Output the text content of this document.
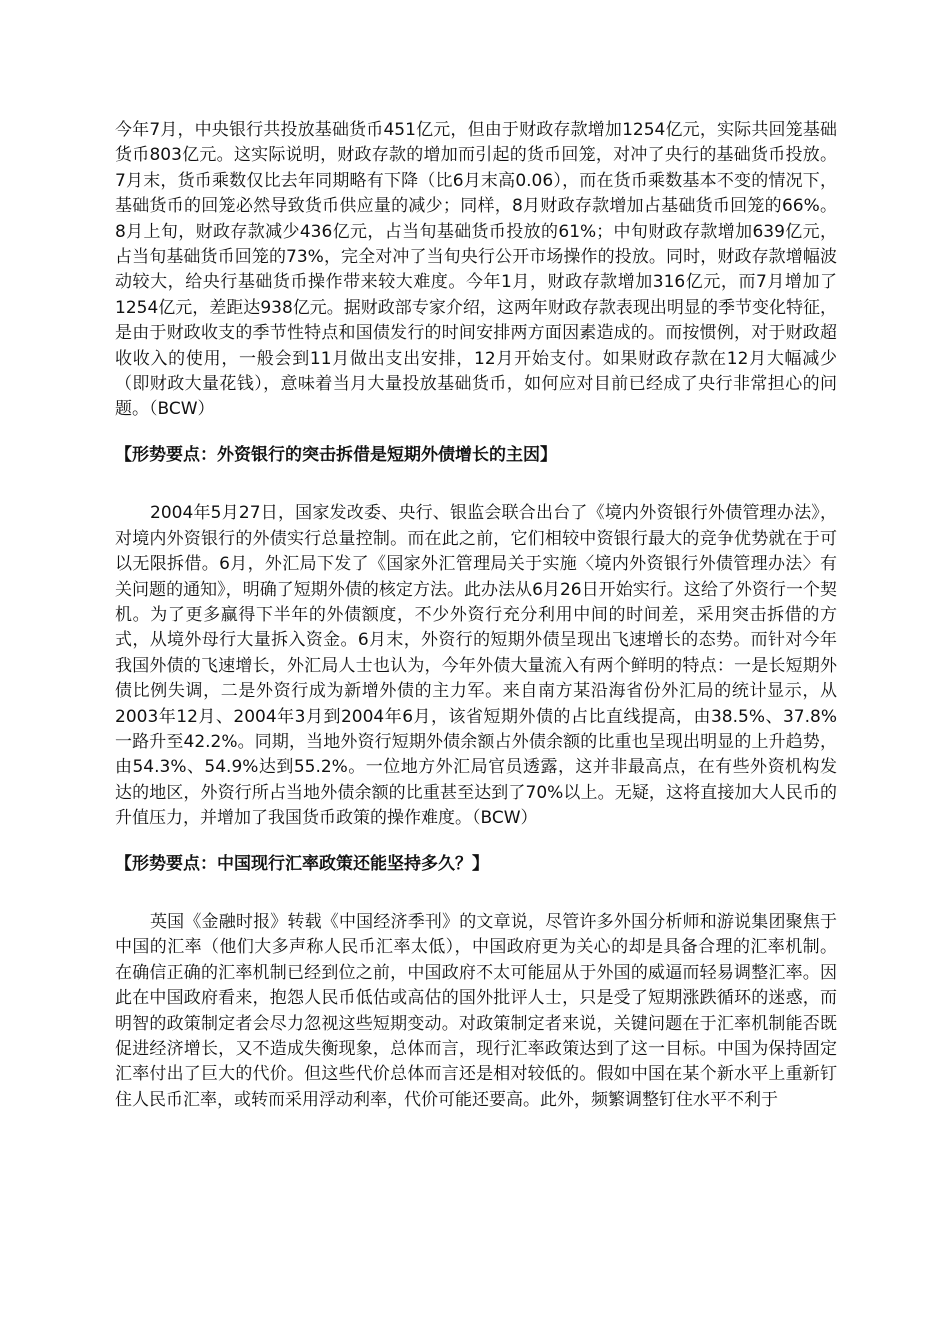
今年7月，中央银行共投放基础货币451亿元，但由于财政存款增加1254亿元，实际共回笼基础货币803亿元。这实际说明，财政存款的增加而引起的货币回笼，对冲了央行的基础货币投放。7月末，货币乘数仅比去年同期略有下降（比6月末高0.06），而在货币乘数基本不变的情况下，基础货币的回笼必然导致货币供应量的减少；同样，8月财政存款增加占基础货币回笼的66%。8月上旬，财政存款减少436亿元，占当旬基础货币投放的61%；中旬财政存款增加639亿元，占当旬基础货币回笼的73%，完全对冲了当旬央行公开市场操作的投放。同时，财政存款增幅波动较大，给央行基础货币操作带来较大难度。今年1月，财政存款增加316亿元，而7月增加了1254亿元，差距达938亿元。据财政部专家介绍，这两年财政存款表现出明显的季节变化特征，是由于财政收支的季节性特点和国债发行的时间安排两方面因素造成的。而按惯例，对于财政超收收入的使用，一般会到11月做出支出安排，12月开始支付。如果财政存款在12月大幅减少（即财政大量花钱），意味着当月大量投放基础货币，如何应对目前已经成了央行非常担心的问题。（BCW）

【形势要点：外资银行的突击拆借是短期外债增长的主因】

2004年5月27日，国家发改委、央行、银监会联合出台了《境内外资银行外债管理办法》，对境内外资银行的外债实行总量控制。而在此之前，它们相较中资银行最大的竞争优势就在于可以无限拆借。6月，外汇局下发了《国家外汇管理局关于实施〈境内外资银行外债管理办法〉有关问题的通知》，明确了短期外债的核定方法。此办法从6月26日开始实行。这给了外资行一个契机。为了更多赢得下半年的外债额度，不少外资行充分利用中间的时间差，采用突击拆借的方式，从境外母行大量拆入资金。6月末，外资行的短期外债呈现出飞速增长的态势。而针对今年我国外债的飞速增长，外汇局人士也认为，今年外债大量流入有两个鲜明的特点：一是长短期外债比例失调，二是外资行成为新增外债的主力军。来自南方某沿海省份外汇局的统计显示，从2003年12月、2004年3月到2004年6月，该省短期外债的占比直线提高，由38.5%、37.8%一路升至42.2%。同期，当地外资行短期外债余额占外债余额的比重也呈现出明显的上升趋势，由54.3%、54.9%达到55.2%。一位地方外汇局官员透露，这并非最高点，在有些外资机构发达的地区，外资行所占当地外债余额的比重甚至达到了70%以上。无疑，这将直接加大人民币的升值压力，并增加了我国货币政策的操作难度。（BCW）

【形势要点：中国现行汇率政策还能坚持多久？】

英国《金融时报》转载《中国经济季刊》的文章说，尽管许多外国分析师和游说集团聚焦于中国的汇率（他们大多声称人民币汇率太低），中国政府更为关心的却是具备合理的汇率机制。在确信正确的汇率机制已经到位之前，中国政府不太可能屈从于外国的威逼而轻易调整汇率。因此在中国政府看来，抱怨人民币低估或高估的国外批评人士，只是受了短期涨跌循环的迷惑，而明智的政策制定者会尽力忽视这些短期变动。对政策制定者来说，关键问题在于汇率机制能否既促进经济增长，又不造成失衡现象，总体而言，现行汇率政策达到了这一目标。中国为保持固定汇率付出了巨大的代价。但这些代价总体而言还是相对较低的。假如中国在某个新水平上重新钉住人民币汇率，或转而采用浮动利率，代价可能还要高。此外，频繁调整钉住水平不利于
